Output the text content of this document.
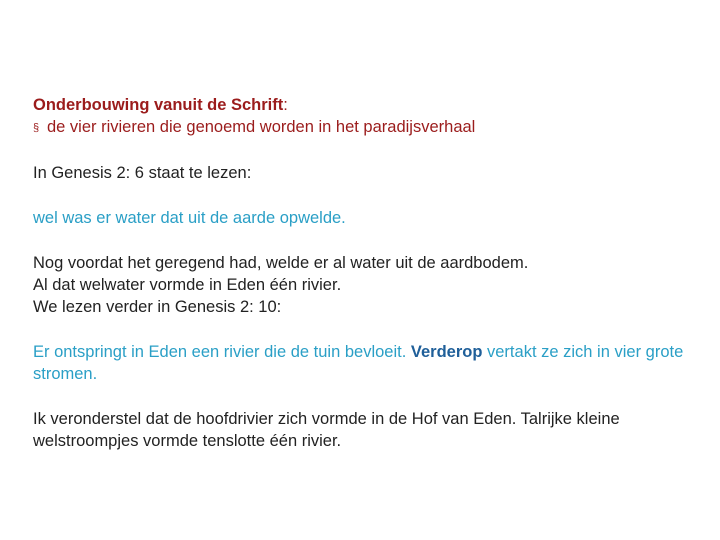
Onderbouwing vanuit de Schrift:

§ de vier rivieren die genoemd worden in het paradijsverhaal

In Genesis 2: 6 staat te lezen:

wel was er water dat uit de aarde opwelde.

Nog voordat het geregend had, welde er al water uit de aardbodem.
Al dat welwater vormde in Eden één rivier.
We lezen verder in Genesis 2: 10:

Er ontspringt in Eden een rivier die de tuin bevloeit. Verderop vertakt ze zich in vier grote stromen.

Ik veronderstel dat de hoofdrivier zich vormde in de Hof van Eden. Talrijke kleine welstroompjes vormde tenslotte één rivier.
